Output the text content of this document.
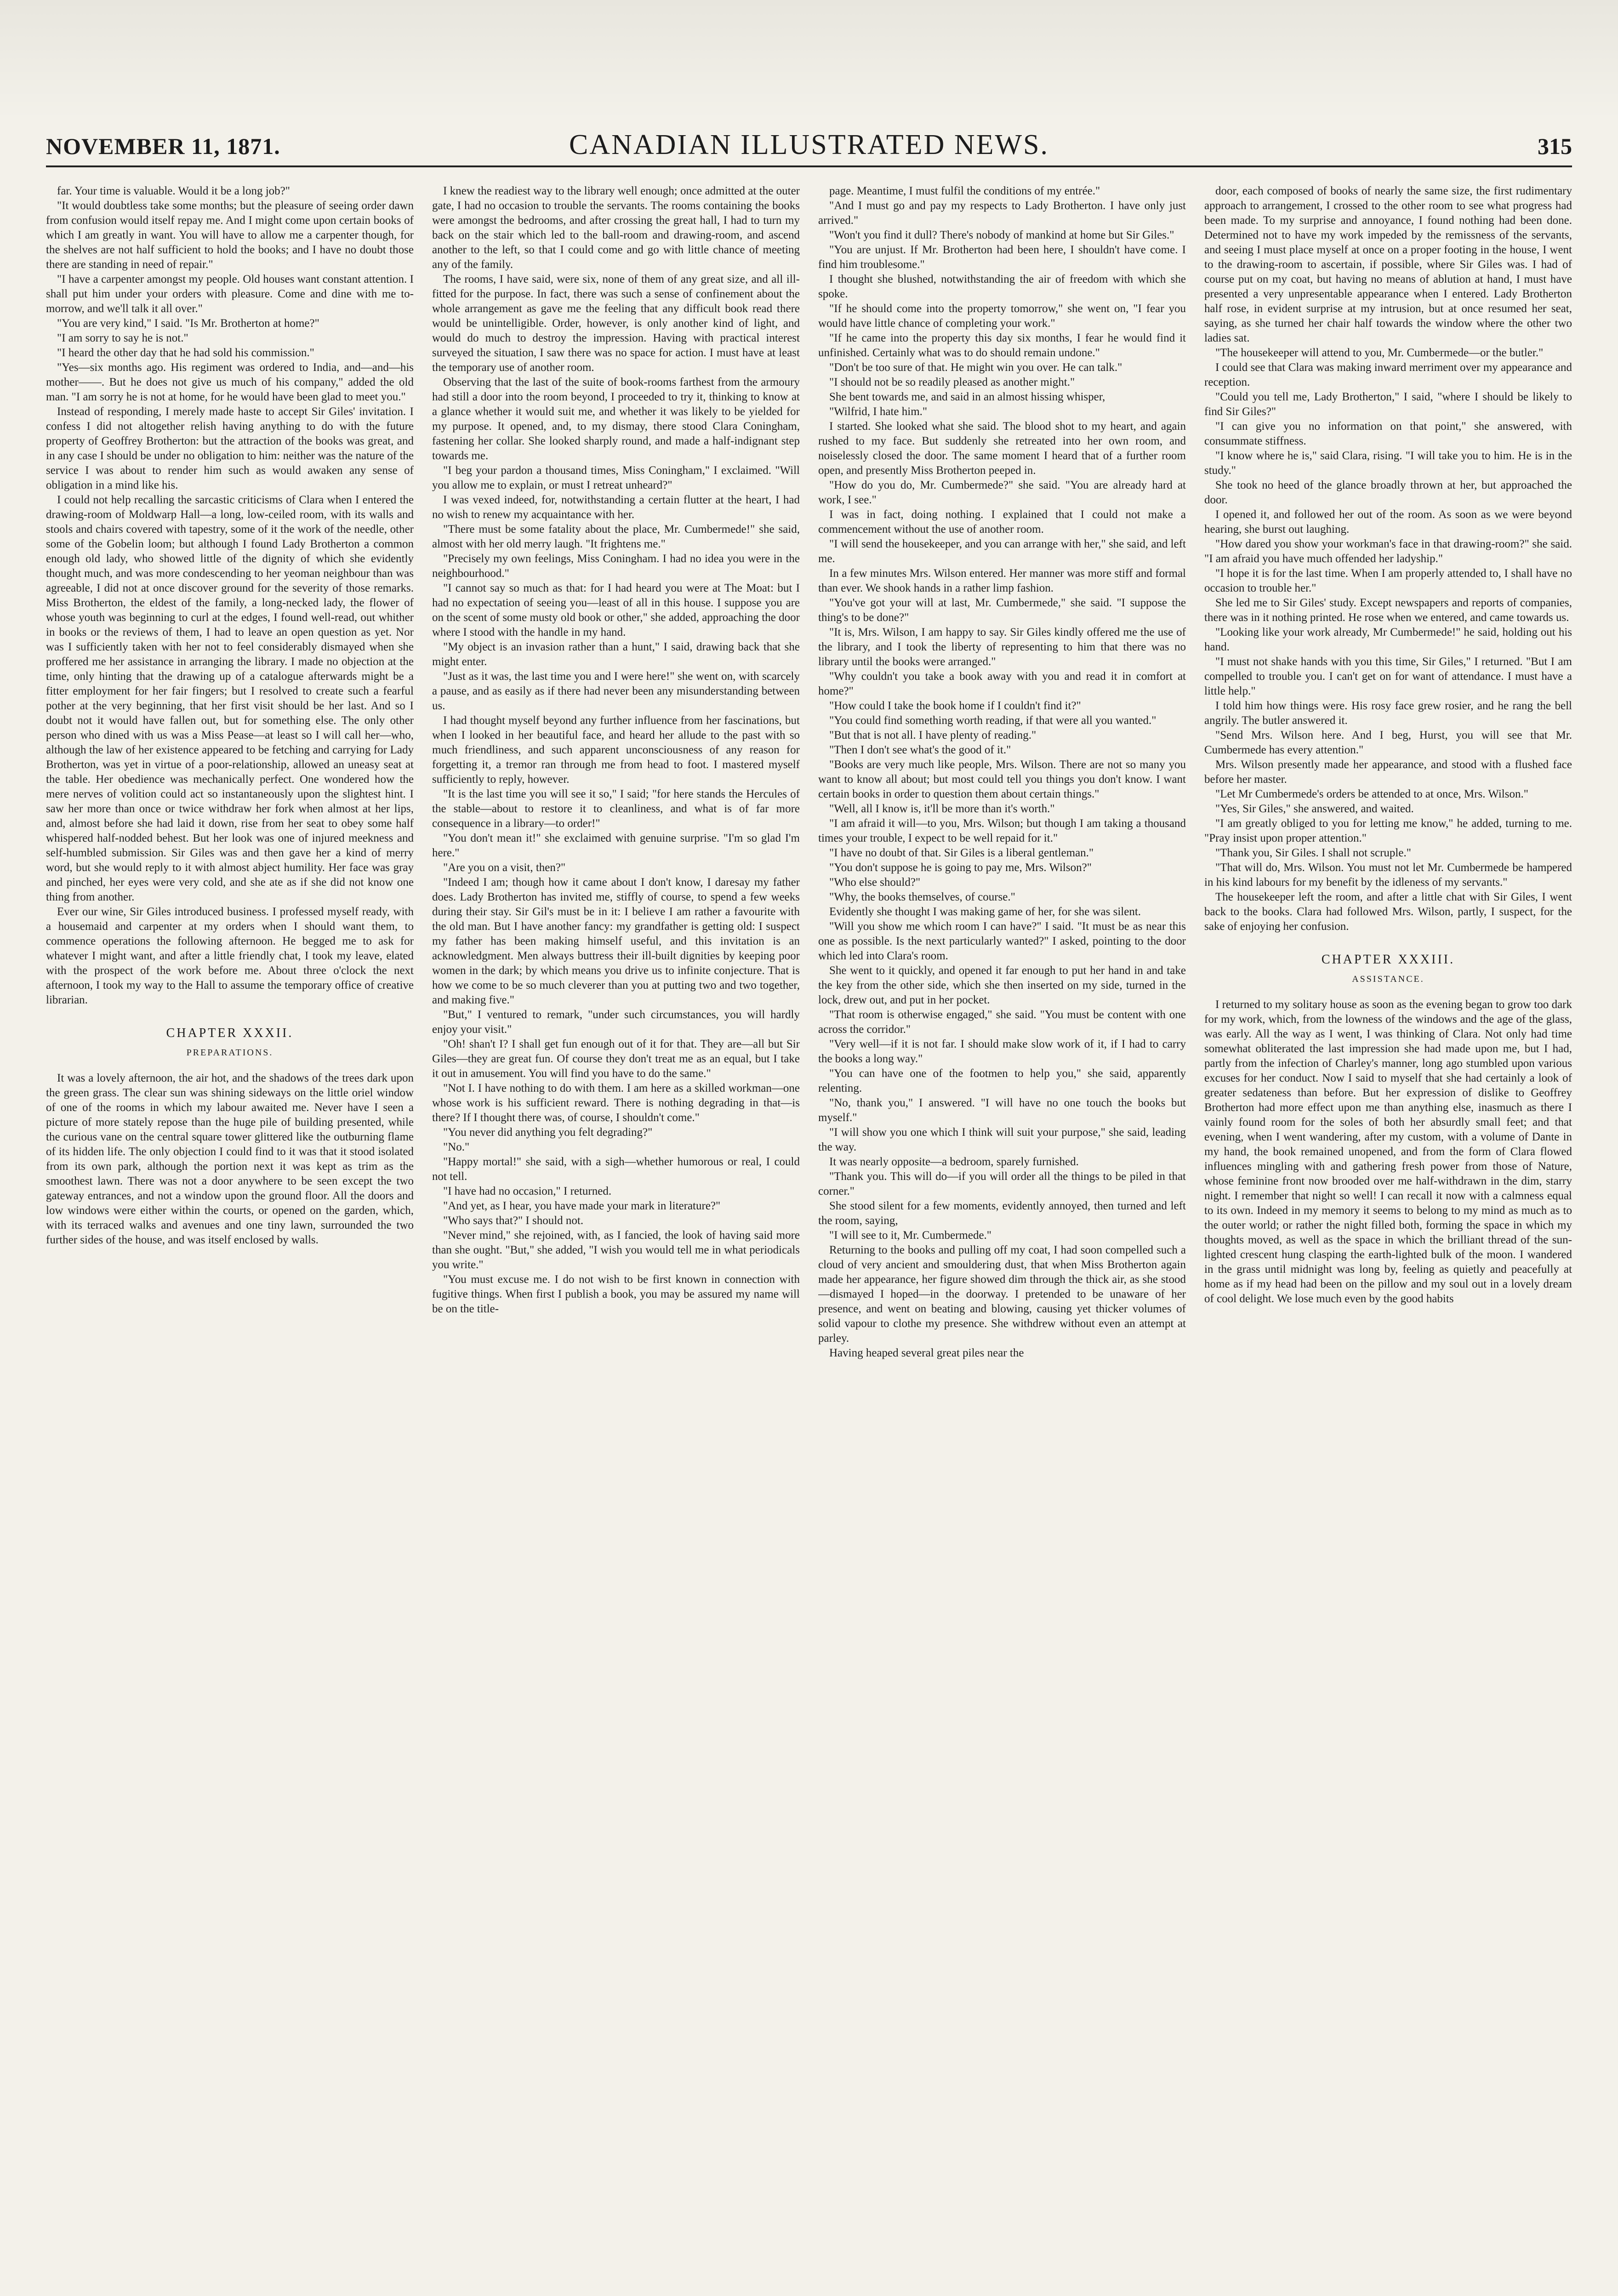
NOVEMBER 11, 1871.	CANADIAN ILLUSTRATED NEWS.	315

far. Your time is valuable. Would it be a long job?"

"It would doubtless take some months; but the pleasure of seeing order dawn from confusion would itself repay me. And I might come upon certain books of which I am greatly in want. You will have to allow me a carpenter though, for the shelves are not half sufficient to hold the books; and I have no doubt those there are standing in need of repair."

"I have a carpenter amongst my people. Old houses want constant attention. I shall put him under your orders with pleasure. Come and dine with me to-morrow, and we'll talk it all over."

"You are very kind," I said. "Is Mr. Brotherton at home?"

"I am sorry to say he is not."

"I heard the other day that he had sold his commission."

"Yes—six months ago. His regiment was ordered to India, and—and—his mother——. But he does not give us much of his company," added the old man. "I am sorry he is not at home, for he would have been glad to meet you."

Instead of responding, I merely made haste to accept Sir Giles' invitation. I confess I did not altogether relish having anything to do with the future property of Geoffrey Brotherton: but the attraction of the books was great, and in any case I should be under no obligation to him: neither was the nature of the service I was about to render him such as would awaken any sense of obligation in a mind like his.

I could not help recalling the sarcastic criticisms of Clara when I entered the drawing-room of Moldwarp Hall—a long, low-ceiled room, with its walls and stools and chairs covered with tapestry, some of it the work of the needle, other some of the Gobelin loom; but although I found Lady Brotherton a common enough old lady, who showed little of the dignity of which she evidently thought much, and was more condescending to her yeoman neighbour than was agreeable, I did not at once discover ground for the severity of those remarks. Miss Brotherton, the eldest of the family, a long-necked lady, the flower of whose youth was beginning to curl at the edges, I found well-read, out whither in books or the reviews of them, I had to leave an open question as yet. Nor was I sufficiently taken with her not to feel considerably dismayed when she proffered me her assistance in arranging the library. I made no objection at the time, only hinting that the drawing up of a catalogue afterwards might be a fitter employment for her fair fingers; but I resolved to create such a fearful pother at the very beginning, that her first visit should be her last. And so I doubt not it would have fallen out, but for something else. The only other person who dined with us was a Miss Pease—at least so I will call her—who, although the law of her existence appeared to be fetching and carrying for Lady Brotherton, was yet in virtue of a poor-relationship, allowed an uneasy seat at the table. Her obedience was mechanically perfect. One wondered how the mere nerves of volition could act so instantaneously upon the slightest hint. I saw her more than once or twice withdraw her fork when almost at her lips, and, almost before she had laid it down, rise from her seat to obey some half whispered half-nodded behest. But her look was one of injured meekness and self-humbled submission. Sir Giles was and then gave her a kind of merry word, but she would reply to it with almost abject humility. Her face was gray and pinched, her eyes were very cold, and she ate as if she did not know one thing from another.

Ever our wine, Sir Giles introduced business. I professed myself ready, with a housemaid and carpenter at my orders when I should want them, to commence operations the following afternoon. He begged me to ask for whatever I might want, and after a little friendly chat, I took my leave, elated with the prospect of the work before me. About three o'clock the next afternoon, I took my way to the Hall to assume the temporary office of creative librarian.

CHAPTER XXXII.
PREPARATIONS.

It was a lovely afternoon, the air hot, and the shadows of the trees dark upon the green grass. The clear sun was shining sideways on the little oriel window of one of the rooms in which my labour awaited me. Never have I seen a picture of more stately repose than the huge pile of building presented, while the curious vane on the central square tower glittered like the outburning flame of its hidden life. The only objection I could find to it was that it stood isolated from its own park, although the portion next it was kept as trim as the smoothest lawn. There was not a door anywhere to be seen except the two gateway entrances, and not a window upon the ground floor. All the doors and low windows were either within the courts, or opened on the garden, which, with its terraced walks and avenues and one tiny lawn, surrounded the two further sides of the house, and was itself enclosed by walls.

I knew the readiest way to the library well enough; once admitted at the outer gate, I had no occasion to trouble the servants. The rooms containing the books were amongst the bedrooms, and after crossing the great hall, I had to turn my back on the stair which led to the ball-room and drawing-room, and ascend another to the left, so that I could come and go with little chance of meeting any of the family.

The rooms, I have said, were six, none of them of any great size, and all ill-fitted for the purpose. In fact, there was such a sense of confinement about the whole arrangement as gave me the feeling that any difficult book read there would be unintelligible. Order, however, is only another kind of light, and would do much to destroy the impression. Having with practical interest surveyed the situation, I saw there was no space for action. I must have at least the temporary use of another room.

Observing that the last of the suite of book-rooms farthest from the armoury had still a door into the room beyond, I proceeded to try it, thinking to know at a glance whether it would suit me, and whether it was likely to be yielded for my purpose. It opened, and, to my dismay, there stood Clara Coningham, fastening her collar. She looked sharply round, and made a half-indignant step towards me.

"I beg your pardon a thousand times, Miss Coningham," I exclaimed. "Will you allow me to explain, or must I retreat unheard?"

I was vexed indeed, for, notwithstanding a certain flutter at the heart, I had no wish to renew my acquaintance with her.

"There must be some fatality about the place, Mr. Cumbermede!" she said, almost with her old merry laugh. "It frightens me."

"Precisely my own feelings, Miss Coningham. I had no idea you were in the neighbourhood."

"I cannot say so much as that: for I had heard you were at The Moat: but I had no expectation of seeing you—least of all in this house. I suppose you are on the scent of some musty old book or other," she added, approaching the door where I stood with the handle in my hand.

"My object is an invasion rather than a hunt," I said, drawing back that she might enter.

"Just as it was, the last time you and I were here!" she went on, with scarcely a pause, and as easily as if there had never been any misunderstanding between us.

I had thought myself beyond any further influence from her fascinations, but when I looked in her beautiful face, and heard her allude to the past with so much friendliness, and such apparent unconsciousness of any reason for forgetting it, a tremor ran through me from head to foot. I mastered myself sufficiently to reply, however.

"It is the last time you will see it so," I said; "for here stands the Hercules of the stable—about to restore it to cleanliness, and what is of far more consequence in a library—to order!"

"You don't mean it!" she exclaimed with genuine surprise. "I'm so glad I'm here."

"Are you on a visit, then?"

"Indeed I am; though how it came about I don't know, I daresay my father does. Lady Brotherton has invited me, stiffly of course, to spend a few weeks during their stay. Sir Gil's must be in it: I believe I am rather a favourite with the old man. But I have another fancy: my grandfather is getting old: I suspect my father has been making himself useful, and this invitation is an acknowledgment. Men always buttress their ill-built dignities by keeping poor women in the dark; by which means you drive us to infinite conjecture. That is how we come to be so much cleverer than you at putting two and two together, and making five."

"But," I ventured to remark, "under such circumstances, you will hardly enjoy your visit."

"Oh! shan't I? I shall get fun enough out of it for that. They are—all but Sir Giles—they are great fun. Of course they don't treat me as an equal, but I take it out in amusement. You will find you have to do the same."

"Not I. I have nothing to do with them. I am here as a skilled workman—one whose work is his sufficient reward. There is nothing degrading in that—is there? If I thought there was, of course, I shouldn't come."

"You never did anything you felt degrading?"

"No."

"Happy mortal!" she said, with a sigh—whether humorous or real, I could not tell.

"I have had no occasion," I returned.

"And yet, as I hear, you have made your mark in literature?"

"Who says that?" I should not.

"Never mind," she rejoined, with, as I fancied, the look of having said more than she ought. "But," she added, "I wish you would tell me in what periodicals you write."

"You must excuse me. I do not wish to be first known in connection with fugitive things. When first I publish a book, you may be assured my name will be on the title-

page. Meantime, I must fulfil the conditions of my entrée."

"And I must go and pay my respects to Lady Brotherton. I have only just arrived."

"Won't you find it dull? There's nobody of mankind at home but Sir Giles."

"You are unjust. If Mr. Brotherton had been here, I shouldn't have come. I find him troublesome."

I thought she blushed, notwithstanding the air of freedom with which she spoke.

"If he should come into the property tomorrow," she went on, "I fear you would have little chance of completing your work."

"If he came into the property this day six months, I fear he would find it unfinished. Certainly what was to do should remain undone."

"Don't be too sure of that. He might win you over. He can talk."

"I should not be so readily pleased as another might."

She bent towards me, and said in an almost hissing whisper,

"Wilfrid, I hate him."

I started. She looked what she said. The blood shot to my heart, and again rushed to my face. But suddenly she retreated into her own room, and noiselessly closed the door. The same moment I heard that of a further room open, and presently Miss Brotherton peeped in.

"How do you do, Mr. Cumbermede?" she said. "You are already hard at work, I see."

I was in fact, doing nothing. I explained that I could not make a commencement without the use of another room.

"I will send the housekeeper, and you can arrange with her," she said, and left me.

In a few minutes Mrs. Wilson entered. Her manner was more stiff and formal than ever. We shook hands in a rather limp fashion.

"You've got your will at last, Mr. Cumbermede," she said. "I suppose the thing's to be done?"

"It is, Mrs. Wilson, I am happy to say. Sir Giles kindly offered me the use of the library, and I took the liberty of representing to him that there was no library until the books were arranged."

"Why couldn't you take a book away with you and read it in comfort at home?"

"How could I take the book home if I couldn't find it?"

"You could find something worth reading, if that were all you wanted."

"But that is not all. I have plenty of reading."

"Then I don't see what's the good of it."

"Books are very much like people, Mrs. Wilson. There are not so many you want to know all about; but most could tell you things you don't know. I want certain books in order to question them about certain things."

"Well, all I know is, it'll be more than it's worth."

"I am afraid it will—to you, Mrs. Wilson; but though I am taking a thousand times your trouble, I expect to be well repaid for it."

"I have no doubt of that. Sir Giles is a liberal gentleman."

"You don't suppose he is going to pay me, Mrs. Wilson?"

"Who else should?"

"Why, the books themselves, of course."

Evidently she thought I was making game of her, for she was silent.

"Will you show me which room I can have?" I said. "It must be as near this one as possible. Is the next particularly wanted?" I asked, pointing to the door which led into Clara's room.

She went to it quickly, and opened it far enough to put her hand in and take the key from the other side, which she then inserted on my side, turned in the lock, drew out, and put in her pocket.

"That room is otherwise engaged," she said. "You must be content with one across the corridor."

"Very well—if it is not far. I should make slow work of it, if I had to carry the books a long way."

"You can have one of the footmen to help you," she said, apparently relenting.

"No, thank you," I answered. "I will have no one touch the books but myself."

"I will show you one which I think will suit your purpose," she said, leading the way.

It was nearly opposite—a bedroom, sparely furnished.

"Thank you. This will do—if you will order all the things to be piled in that corner."

She stood silent for a few moments, evidently annoyed, then turned and left the room, saying,

"I will see to it, Mr. Cumbermede."

Returning to the books and pulling off my coat, I had soon compelled such a cloud of very ancient and smouldering dust, that when Miss Brotherton again made her appearance, her figure showed dim through the thick air, as she stood—dismayed I hoped—in the doorway. I pretended to be unaware of her presence, and went on beating and blowing, causing yet thicker volumes of solid vapour to clothe my presence. She withdrew without even an attempt at parley.

Having heaped several great piles near the

door, each composed of books of nearly the same size, the first rudimentary approach to arrangement, I crossed to the other room to see what progress had been made. To my surprise and annoyance, I found nothing had been done. Determined not to have my work impeded by the remissness of the servants, and seeing I must place myself at once on a proper footing in the house, I went to the drawing-room to ascertain, if possible, where Sir Giles was. I had of course put on my coat, but having no means of ablution at hand, I must have presented a very unpresentable appearance when I entered. Lady Brotherton half rose, in evident surprise at my intrusion, but at once resumed her seat, saying, as she turned her chair half towards the window where the other two ladies sat.

"The housekeeper will attend to you, Mr. Cumbermede—or the butler."

I could see that Clara was making inward merriment over my appearance and reception.

"Could you tell me, Lady Brotherton," I said, "where I should be likely to find Sir Giles?"

"I can give you no information on that point," she answered, with consummate stiffness.

"I know where he is," said Clara, rising. "I will take you to him. He is in the study."

She took no heed of the glance broadly thrown at her, but approached the door.

I opened it, and followed her out of the room. As soon as we were beyond hearing, she burst out laughing.

"How dared you show your workman's face in that drawing-room?" she said. "I am afraid you have much offended her ladyship."

"I hope it is for the last time. When I am properly attended to, I shall have no occasion to trouble her."

She led me to Sir Giles' study. Except newspapers and reports of companies, there was in it nothing printed. He rose when we entered, and came towards us.

"Looking like your work already, Mr Cumbermede!" he said, holding out his hand.

"I must not shake hands with you this time, Sir Giles," I returned. "But I am compelled to trouble you. I can't get on for want of attendance. I must have a little help."

I told him how things were. His rosy face grew rosier, and he rang the bell angrily. The butler answered it.

"Send Mrs. Wilson here. And I beg, Hurst, you will see that Mr. Cumbermede has every attention."

Mrs. Wilson presently made her appearance, and stood with a flushed face before her master.

"Let Mr Cumbermede's orders be attended to at once, Mrs. Wilson."

"Yes, Sir Giles," she answered, and waited.

"I am greatly obliged to you for letting me know," he added, turning to me. "Pray insist upon proper attention."

"Thank you, Sir Giles. I shall not scruple."

"That will do, Mrs. Wilson. You must not let Mr. Cumbermede be hampered in his kind labours for my benefit by the idleness of my servants."

The housekeeper left the room, and after a little chat with Sir Giles, I went back to the books. Clara had followed Mrs. Wilson, partly, I suspect, for the sake of enjoying her confusion.

CHAPTER XXXIII.
ASSISTANCE.

I returned to my solitary house as soon as the evening began to grow too dark for my work, which, from the lowness of the windows and the age of the glass, was early. All the way as I went, I was thinking of Clara. Not only had time somewhat obliterated the last impression she had made upon me, but I had, partly from the infection of Charley's manner, long ago stumbled upon various excuses for her conduct. Now I said to myself that she had certainly a look of greater sedateness than before. But her expression of dislike to Geoffrey Brotherton had more effect upon me than anything else, inasmuch as there I vainly found room for the soles of both her absurdly small feet; and that evening, when I went wandering, after my custom, with a volume of Dante in my hand, the book remained unopened, and from the form of Clara flowed influences mingling with and gathering fresh power from those of Nature, whose feminine front now brooded over me half-withdrawn in the dim, starry night. I remember that night so well! I can recall it now with a calmness equal to its own. Indeed in my memory it seems to belong to my mind as much as to the outer world; or rather the night filled both, forming the space in which my thoughts moved, as well as the space in which the brilliant thread of the sun-lighted crescent hung clasping the earth-lighted bulk of the moon. I wandered in the grass until midnight was long by, feeling as quietly and peacefully at home as if my head had been on the pillow and my soul out in a lovely dream of cool delight. We lose much even by the good habits
